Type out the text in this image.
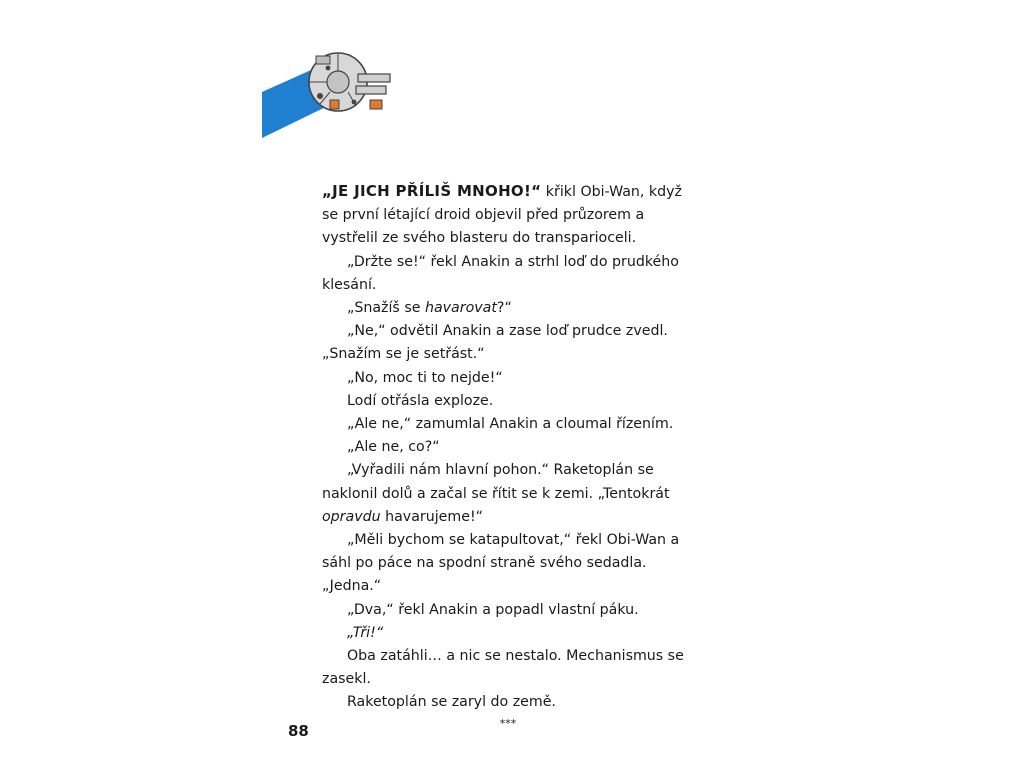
„JE JICH PŘÍLIŠ MNOHO!“ křikl Obi-Wan, když se první létající droid objevil před průzorem a vystřelil ze svého blasteru do transparioceli.

„Držte se!“ řekl Anakin a strhl loď do prudkého klesání.

„Snažíš se havarovat?“

„Ne,“ odvětil Anakin a zase loď prudce zvedl. „Snažím se je setřást.“

„No, moc ti to nejde!“

Lodí otřásla exploze.

„Ale ne,“ zamumlal Anakin a cloumal řízením.

„Ale ne, co?“

„Vyřadili nám hlavní pohon.“ Raketoplán se naklonil dolů a začal se řítit se k zemi. „Tentokrát opravdu havarujeme!“

„Měli bychom se katapultovat,“ řekl Obi-Wan a sáhl po páce na spodní straně svého sedadla. „Jedna.“

„Dva,“ řekl Anakin a popadl vlastní páku.

„Tři!“

Oba zatáhli… a nic se nestalo. Mechanismus se zasekl.

Raketoplán se zaryl do země.

***

88
